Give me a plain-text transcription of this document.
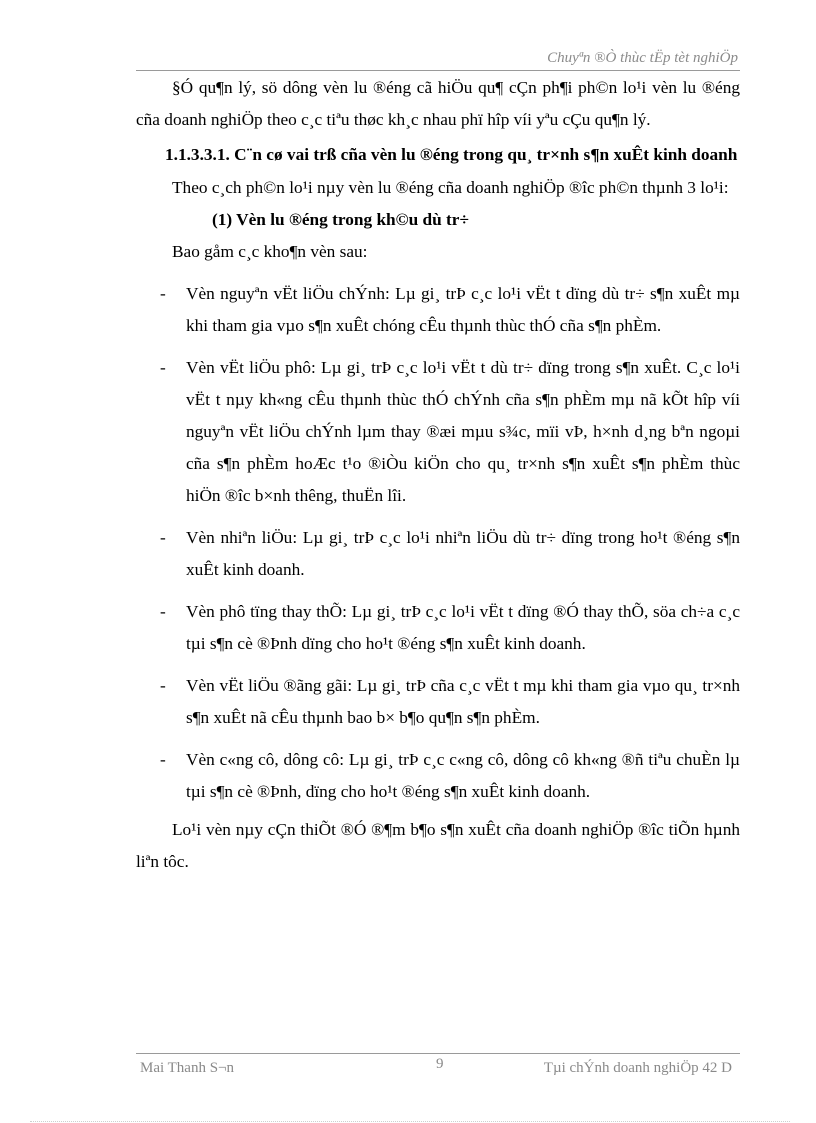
Chuyªn ®Ò thùc tËp tèt nghiÖp

§Ó qu¶n lý, sö dông vèn lu ®éng cã hiÖu qu¶ cÇn ph¶i ph©n lo¹i vèn lu ®éng cña doanh nghiÖp theo c¸c tiªu thøc kh¸c nhau phï hîp víi yªu cÇu qu¶n lý.

1.1.3.3.1. C¨n cø vai trß cña vèn lu ®éng trong qu¸ tr×nh s¶n xuÊt kinh doanh

Theo c¸ch ph©n lo¹i nµy vèn lu ®éng cña doanh nghiÖp ®îc ph©n thµnh 3 lo¹i:

(1) Vèn lu ®éng trong kh©u dù tr÷

Bao gåm c¸c kho¶n vèn sau:

- Vèn nguyªn vËt liÖu chÝnh: Lµ gi¸ trÞ c¸c lo¹i vËt t dïng dù tr÷ s¶n xuÊt mµ khi tham gia vµo s¶n xuÊt chóng cÊu thµnh thùc thÓ cña s¶n phÈm.
- Vèn vËt liÖu phô: Lµ gi¸ trÞ c¸c lo¹i vËt t dù tr÷ dïng trong s¶n xuÊt. C¸c lo¹i vËt t nµy kh«ng cÊu thµnh thùc thÓ chÝnh cña s¶n phÈm mµ nã kÕt hîp víi nguyªn vËt liÖu chÝnh lµm thay ®æi mµu s¾c, mïi vÞ, h×nh d¸ng bªn ngoµi cña s¶n phÈm hoÆc t¹o ®iÒu kiÖn cho qu¸ tr×nh s¶n xuÊt s¶n phÈm thùc hiÖn ®îc b×nh thêng, thuËn lîi.
- Vèn nhiªn liÖu: Lµ gi¸ trÞ c¸c lo¹i nhiªn liÖu dù tr÷ dïng trong ho¹t ®éng s¶n xuÊt kinh doanh.
- Vèn phô tïng thay thÕ: Lµ gi¸ trÞ c¸c lo¹i vËt t dïng ®Ó thay thÕ, söa ch÷a c¸c tµi s¶n cè ®Þnh dïng cho ho¹t ®éng s¶n xuÊt kinh doanh.
- Vèn vËt liÖu ®ãng gãi: Lµ gi¸ trÞ cña c¸c vËt t mµ khi tham gia vµo qu¸ tr×nh s¶n xuÊt nã cÊu thµnh bao b× b¶o qu¶n s¶n phÈm.
- Vèn c«ng cô, dông cô: Lµ gi¸ trÞ c¸c c«ng cô, dông cô kh«ng ®ñ tiªu chuÈn lµ tµi s¶n cè ®Þnh, dïng cho ho¹t ®éng s¶n xuÊt kinh doanh.

Lo¹i vèn nµy cÇn thiÕt ®Ó ®¶m b¶o s¶n xuÊt cña doanh nghiÖp ®îc tiÕn hµnh liªn tôc.

Mai Thanh S¬n	9	Tµi chÝnh doanh nghiÖp 42 D
